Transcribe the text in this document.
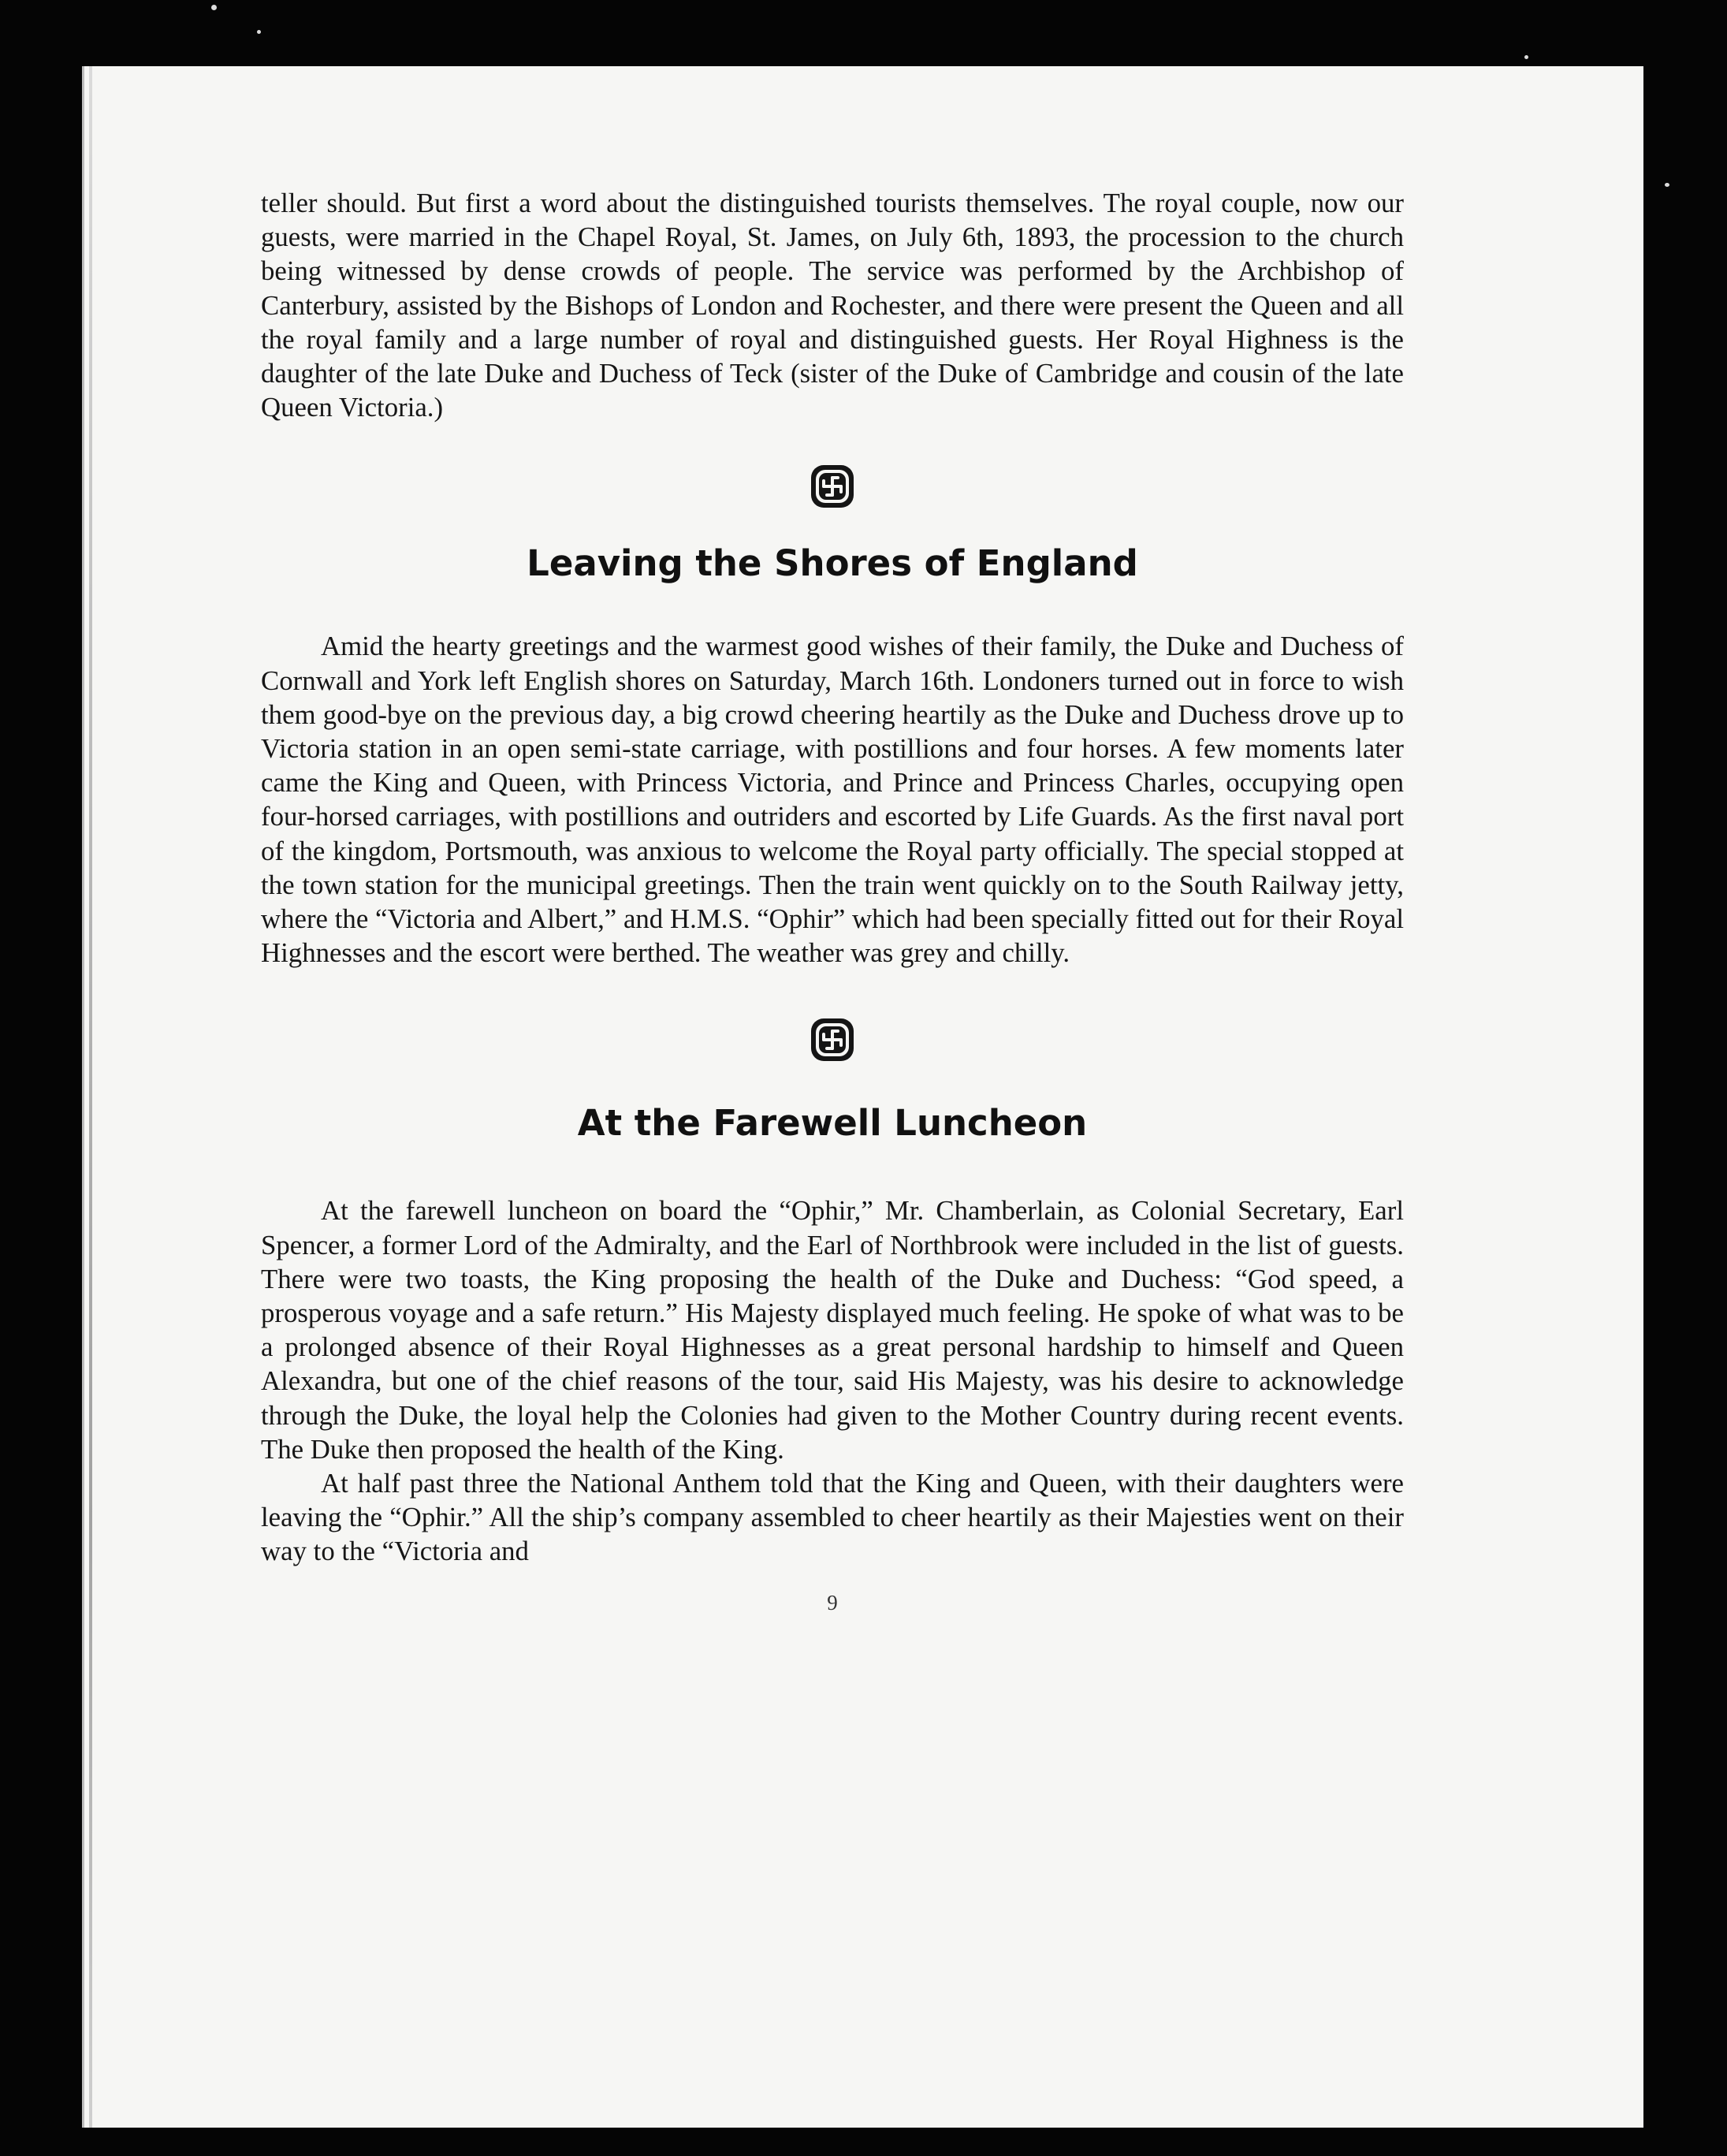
teller should. But first a word about the distinguished tourists themselves. The royal couple, now our guests, were married in the Chapel Royal, St. James, on July 6th, 1893, the procession to the church being witnessed by dense crowds of people. The service was performed by the Archbishop of Canterbury, assisted by the Bishops of London and Rochester, and there were present the Queen and all the royal family and a large number of royal and distinguished guests. Her Royal Highness is the daughter of the late Duke and Duchess of Teck (sister of the Duke of Cambridge and cousin of the late Queen Victoria.)

Leaving the Shores of England

Amid the hearty greetings and the warmest good wishes of their family, the Duke and Duchess of Cornwall and York left English shores on Saturday, March 16th. Londoners turned out in force to wish them good-bye on the previous day, a big crowd cheering heartily as the Duke and Duchess drove up to Victoria station in an open semi-state carriage, with postillions and four horses. A few moments later came the King and Queen, with Princess Victoria, and Prince and Princess Charles, occupying open four-horsed carriages, with postillions and outriders and escorted by Life Guards. As the first naval port of the kingdom, Portsmouth, was anxious to welcome the Royal party officially. The special stopped at the town station for the municipal greetings. Then the train went quickly on to the South Railway jetty, where the “Victoria and Albert,” and H.M.S. “Ophir” which had been specially fitted out for their Royal Highnesses and the escort were berthed. The weather was grey and chilly.

At the Farewell Luncheon

At the farewell luncheon on board the “Ophir,” Mr. Chamberlain, as Colonial Secretary, Earl Spencer, a former Lord of the Admiralty, and the Earl of Northbrook were included in the list of guests. There were two toasts, the King proposing the health of the Duke and Duchess: “God speed, a prosperous voyage and a safe return.” His Majesty displayed much feeling. He spoke of what was to be a prolonged absence of their Royal Highnesses as a great personal hardship to himself and Queen Alexandra, but one of the chief reasons of the tour, said His Majesty, was his desire to acknowledge through the Duke, the loyal help the Colonies had given to the Mother Country during recent events. The Duke then proposed the health of the King.

At half past three the National Anthem told that the King and Queen, with their daughters were leaving the “Ophir.” All the ship’s company assembled to cheer heartily as their Majesties went on their way to the “Victoria and

9
